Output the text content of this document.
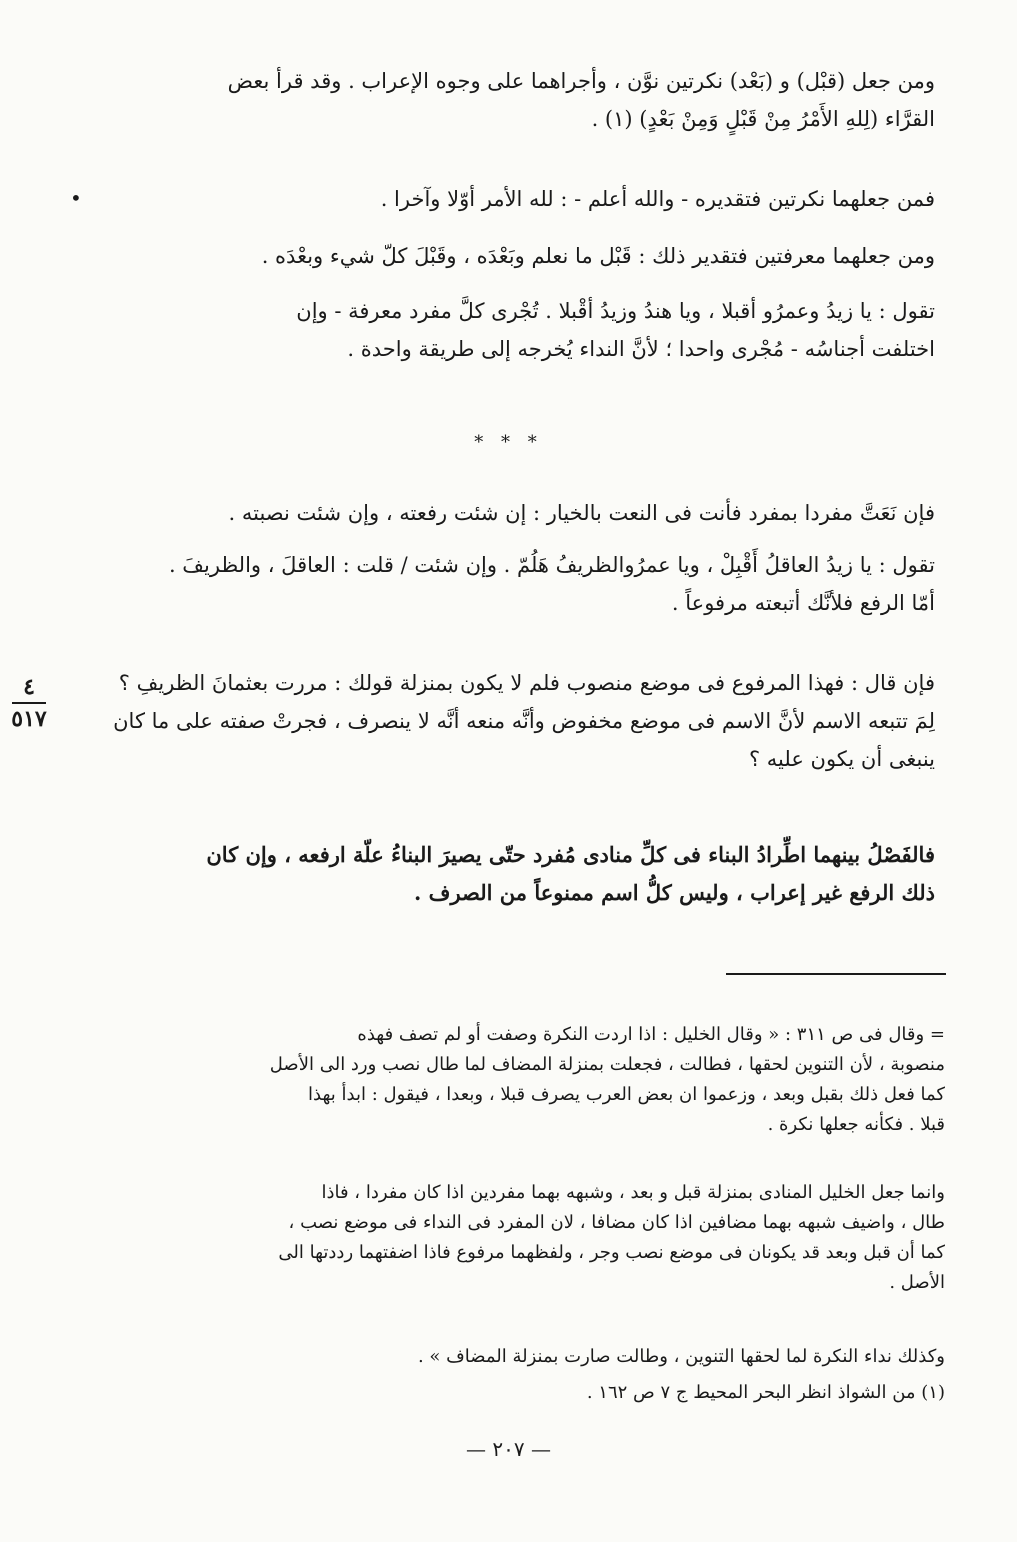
ومن جعل (قبْل) و (بَعْد) نكرتين نوَّن ، وأجراهما على وجوه الإعراب . وقد قرأ بعض
القرَّاء (لِلهِ الأَمْرُ مِنْ قَبْلٍ وَمِنْ بَعْدٍ) (١) .
فمن جعلهما نكرتين فتقديره - والله أعلم - : لله الأمر أوّلا وآخرا .
•
ومن جعلهما معرفتين فتقدير ذلك : قَبْل ما نعلم وبَعْدَه ، وقَبْلَ كلّ شيء وبعْدَه .
تقول : يا زيدُ وعمرُو أقبلا ، ويا هندُ وزيدُ أقْبلا . تُجْرى كلَّ مفرد معرفة - وإن
اختلفت أجناسُه - مُجْرى واحدا ؛ لأنَّ النداء يُخرجه إلى طريقة واحدة .
* * *
فإن نَعَتَّ مفردا بمفرد فأنت فى النعت بالخيار : إن شئت رفعته ، وإن شئت نصبته .
تقول : يا زيدُ العاقلُ أَقْبِلْ ، ويا عمرُوالظريفُ هَلُمّ . وإن شئت / قلت : العاقلَ ، والظريفَ .
أمّا الرفع فلأنَّك أتبعته مرفوعاً .
٤
٥١٧
فإن قال : فهذا المرفوع فى موضع منصوب فلم لا يكون بمنزلة قولك : مررت بعثمانَ الظريفِ ؟
لِمَ تتبعه الاسم لأنَّ الاسم فى موضع مخفوض وأنَّه منعه أنَّه لا ينصرف ، فجرتْ صفته على ما كان
ينبغى أن يكون عليه ؟
فالفَصْلُ بينهما اطِّرادُ البناء فى كلِّ منادى مُفرد حتّى يصيرَ البناءُ علّة ارفعه ، وإن كان
ذلك الرفع غير إعراب ، وليس كلُّ اسم ممنوعاً من الصرف .
= وقال فى ص ٣١١ : « وقال الخليل : اذا اردت النكرة وصفت أو لم تصف فهذه
منصوبة ، لأن التنوين لحقها ، فطالت ، فجعلت بمنزلة المضاف لما طال نصب ورد الى الأصل
كما فعل ذلك بقبل وبعد ، وزعموا ان بعض العرب يصرف قبلا ، وبعدا ، فيقول : ابدأ بهذا
قبلا . فكأنه جعلها نكرة .
وانما جعل الخليل المنادى بمنزلة قبل و بعد ، وشبهه بهما مفردين اذا كان مفردا ، فاذا
طال ، واضيف شبهه بهما مضافين اذا كان مضافا ، لان المفرد فى النداء فى موضع نصب ،
كما أن قبل وبعد قد يكونان فى موضع نصب وجر ، ولفظهما مرفوع فاذا اضفتهما رددتها الى
الأصل .
وكذلك نداء النكرة لما لحقها التنوين ، وطالت صارت بمنزلة المضاف » .
(١) من الشواذ انظر البحر المحيط ج ٧ ص ١٦٢ .
— ٢٠٧ —
